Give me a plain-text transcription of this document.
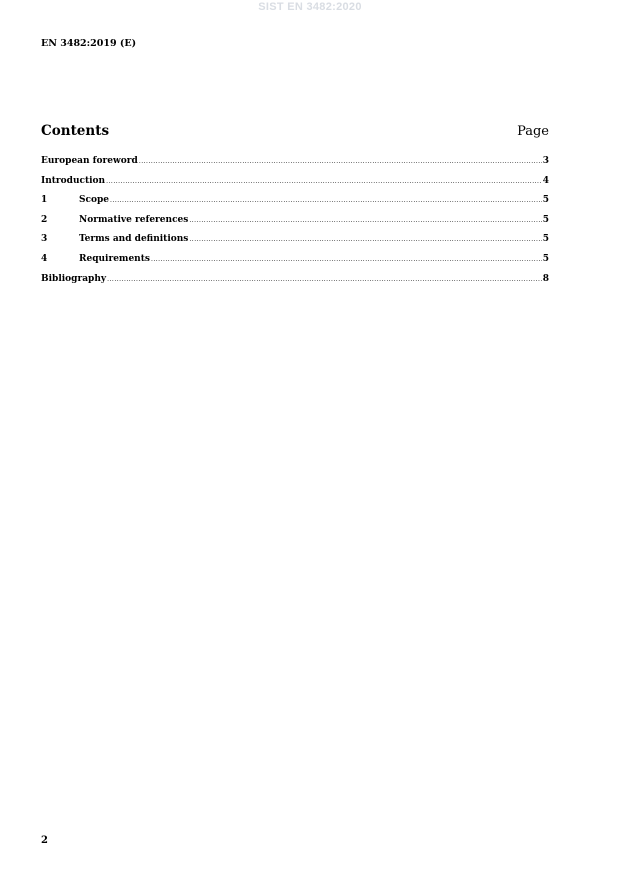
SIST EN 3482:2020
EN 3482:2019 (E)
Contents	Page
European foreword .....	3
Introduction .....	4
1	Scope .....	5
2	Normative references .....	5
3	Terms and definitions .....	5
4	Requirements .....	5
Bibliography .....	8
2
